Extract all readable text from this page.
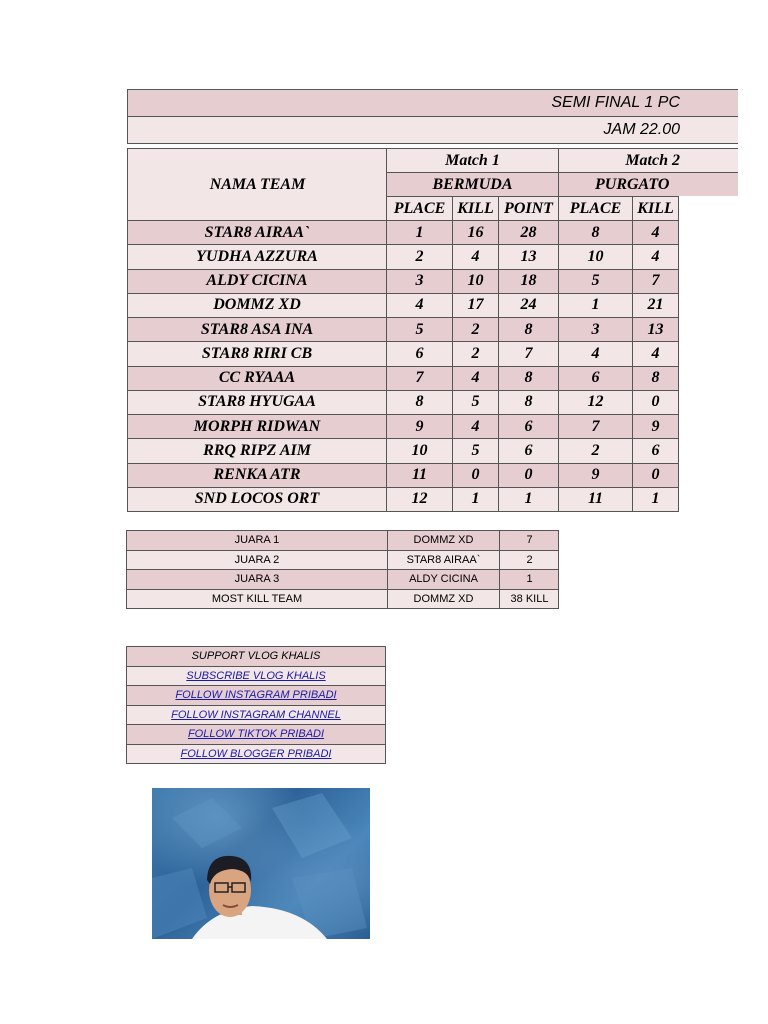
SEMI FINAL 1 PC
JAM 22.00
NAMA TEAM
Match 1	Match 2
BERMUDA	PURGATO
PLACE KILL POINT	PLACE KILL
STAR8 AIRAA`	1	16	28	8	4
YUDHA AZZURA	2	4	13	10	4
ALDY CICINA	3	10	18	5	7
DOMMZ XD	4	17	24	1	21
STAR8 ASA INA	5	2	8	3	13
STAR8 RIRI CB	6	2	7	4	4
CC RYAAA	7	4	8	6	8
STAR8 HYUGAA	8	5	8	12	0
MORPH RIDWAN	9	4	6	7	9
RRQ RIPZ AIM	10	5	6	2	6
RENKA ATR	11	0	0	9	0
SND LOCOS ORT	12	1	1	11	1
JUARA 1	DOMMZ XD	7
JUARA 2	STAR8 AIRAA`	2
JUARA 3	ALDY CICINA	1
MOST KILL TEAM	DOMMZ XD	38 KILL
SUPPORT VLOG KHALIS
SUBSCRIBE VLOG KHALIS
FOLLOW INSTAGRAM PRIBADI
FOLLOW INSTAGRAM CHANNEL
FOLLOW TIKTOK PRIBADI
FOLLOW BLOGGER PRIBADI
